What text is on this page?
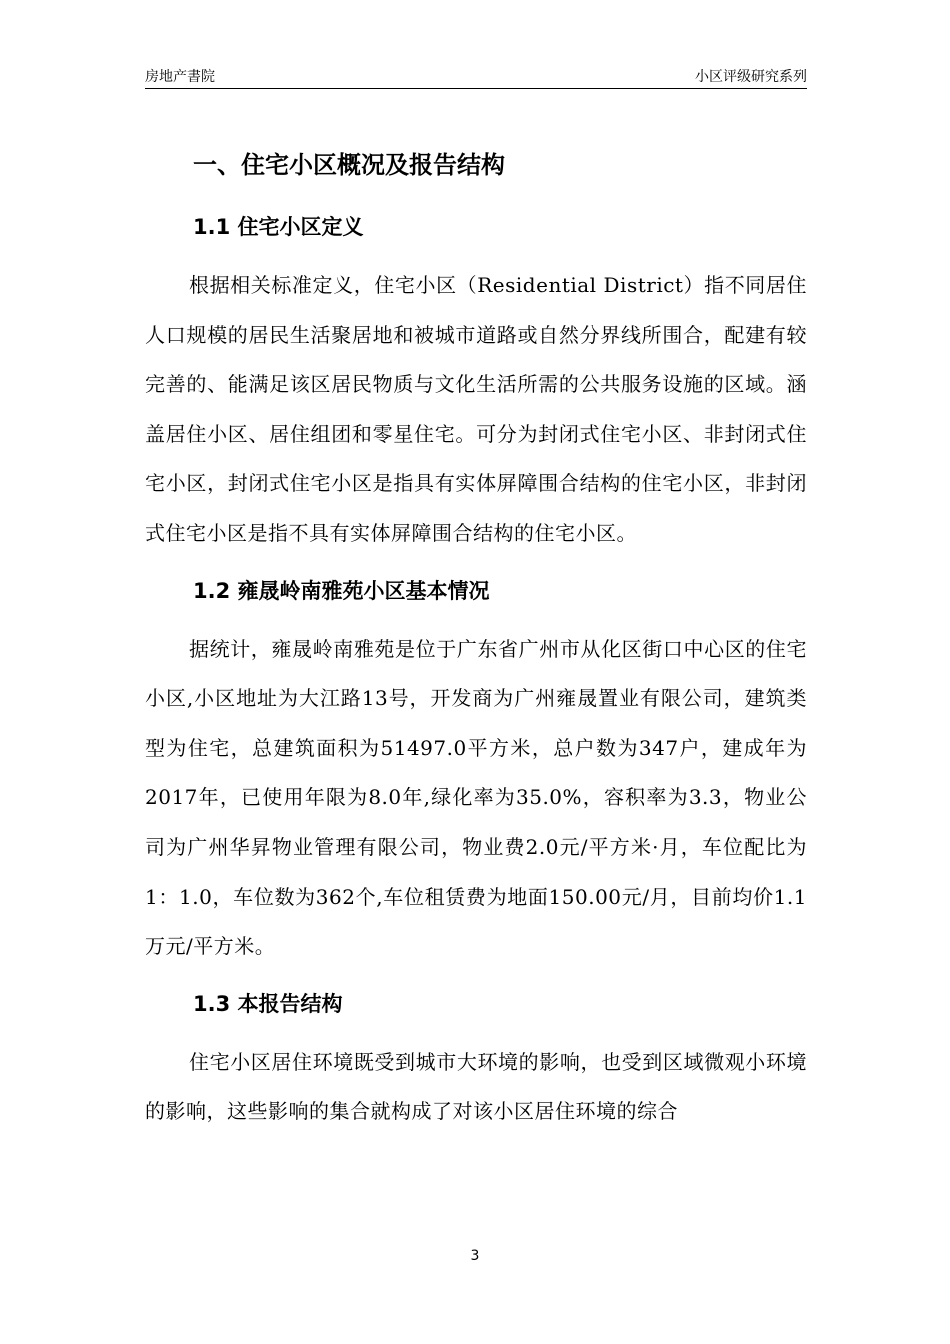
房地产書院	小区评级研究系列
一、住宅小区概况及报告结构
1.1 住宅小区定义

根据相关标准定义，住宅小区（Residential District）指不同居住人口规模的居民生活聚居地和被城市道路或自然分界线所围合，配建有较完善的、能满足该区居民物质与文化生活所需的公共服务设施的区域。涵盖居住小区、居住组团和零星住宅。可分为封闭式住宅小区、非封闭式住宅小区，封闭式住宅小区是指具有实体屏障围合结构的住宅小区，非封闭式住宅小区是指不具有实体屏障围合结构的住宅小区。

1.2 雍晟岭南雅苑小区基本情况

据统计，雍晟岭南雅苑是位于广东省广州市从化区街口中心区的住宅小区,小区地址为大江路13号，开发商为广州雍晟置业有限公司，建筑类型为住宅，总建筑面积为51497.0平方米，总户数为347户，建成年为2017年，已使用年限为8.0年,绿化率为35.0%，容积率为3.3，物业公司为广州华昇物业管理有限公司，物业费2.0元/平方米·月，车位配比为1：1.0，车位数为362个,车位租赁费为地面150.00元/月，目前均价1.1万元/平方米。

1.3 本报告结构

住宅小区居住环境既受到城市大环境的影响，也受到区域微观小环境的影响，这些影响的集合就构成了对该小区居住环境的综合

3
